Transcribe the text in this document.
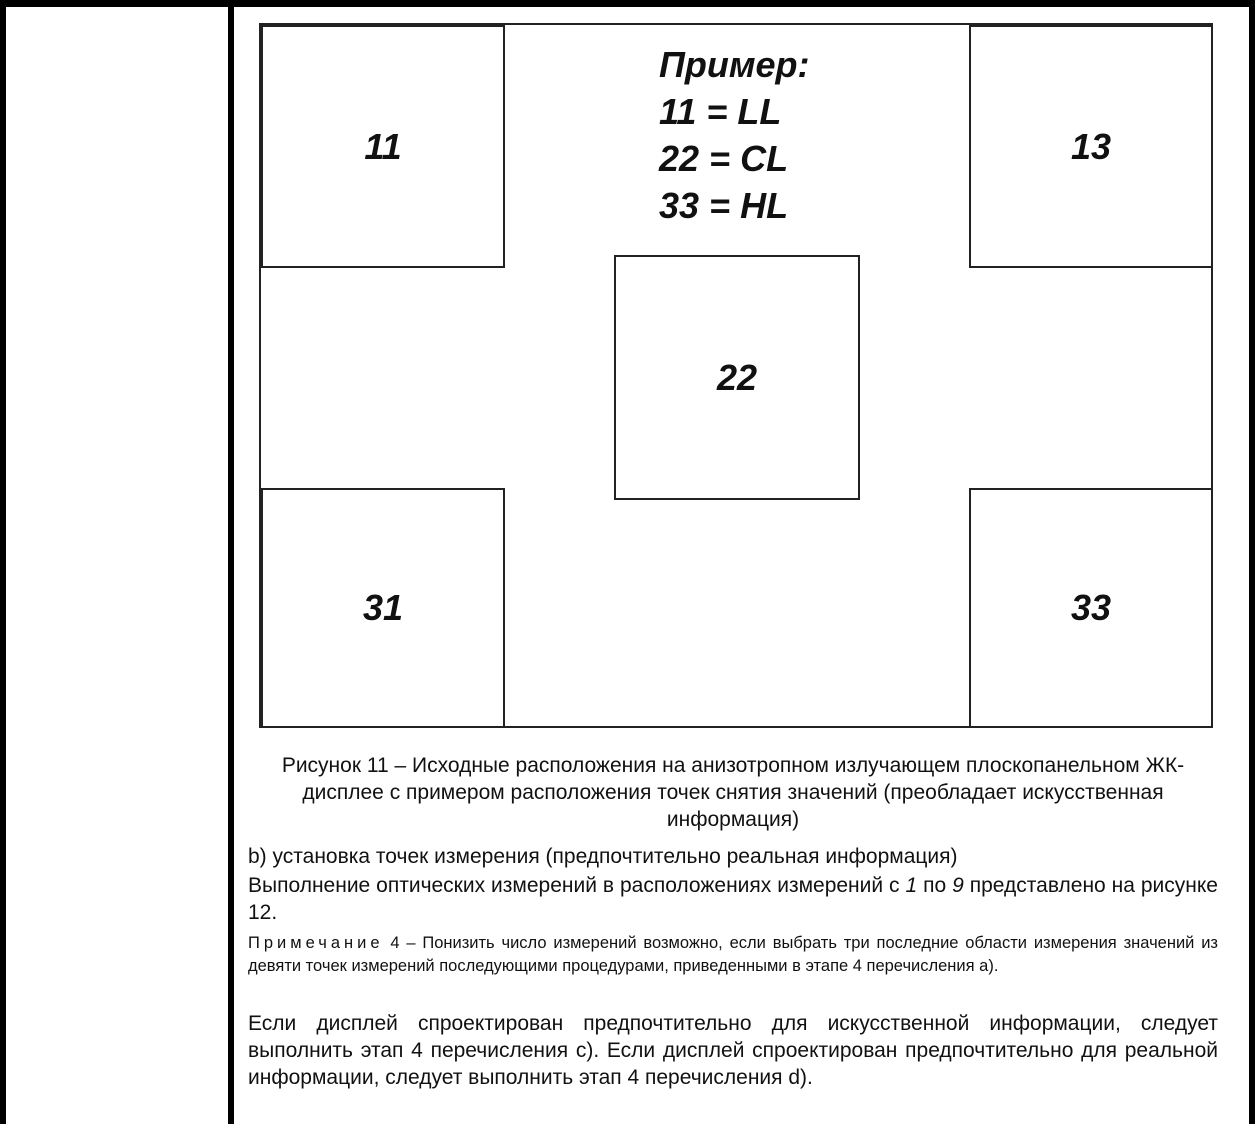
11	13
22
31	33
Пример:
11 = LL
22 = CL
33 = HL
Рисунок 11 – Исходные расположения на анизотропном излучающем плоскопанельном ЖК-дисплее с примером расположения точек снятия значений (преобладает искусственная информация)
b) установка точек измерения (предпочтительно реальная информация)
Выполнение оптических измерений в расположениях измерений с 1 по 9 представлено на рисунке 12.
Примечание 4 – Понизить число измерений возможно, если выбрать три последние области измерения значений из девяти точек измерений последующими процедурами, приведенными в этапе 4 перечисления а).
Если дисплей спроектирован предпочтительно для искусственной информации, следует выполнить этап 4 перечисления с). Если дисплей спроектирован предпочтительно для реальной информации, следует выполнить этап 4 перечисления d).
